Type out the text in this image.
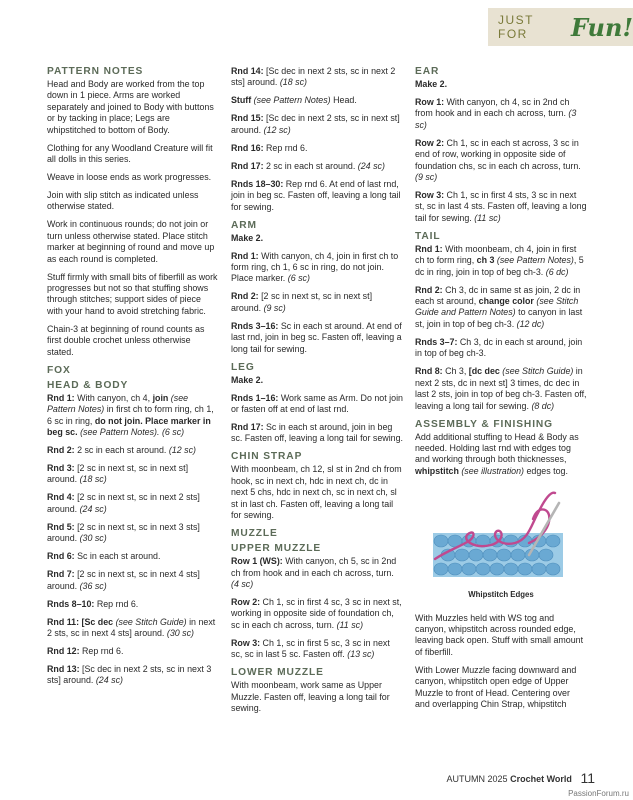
JUST FOR	Fun!
PATTERN NOTES

Head and Body are worked from the top down in 1 piece. Arms are worked separately and joined to Body with buttons or by tacking in place; Legs are whipstitched to bottom of Body.

Clothing for any Woodland Creature will fit all dolls in this series.

Weave in loose ends as work progresses.

Join with slip stitch as indicated unless otherwise stated.

Work in continuous rounds; do not join or turn unless otherwise stated. Place stitch marker at beginning of round and move up as each round is completed.

Stuff firmly with small bits of fiberfill as work progresses but not so that stuffing shows through stitches; support sides of piece with your hand to avoid stretching fabric.

Chain-3 at beginning of round counts as first double crochet unless otherwise stated.

FOX
HEAD & BODY

Rnd 1: With canyon, ch 4, join (see Pattern Notes) in first ch to form ring, ch 1, 6 sc in ring, do not join. Place marker in beg sc. (see Pattern Notes). (6 sc)

Rnd 2: 2 sc in each st around. (12 sc)

Rnd 3: [2 sc in next st, sc in next st] around. (18 sc)

Rnd 4: [2 sc in next st, sc in next 2 sts] around. (24 sc)

Rnd 5: [2 sc in next st, sc in next 3 sts] around. (30 sc)

Rnd 6: Sc in each st around.

Rnd 7: [2 sc in next st, sc in next 4 sts] around. (36 sc)

Rnds 8–10: Rep rnd 6.

Rnd 11: [Sc dec (see Stitch Guide) in next 2 sts, sc in next 4 sts] around. (30 sc)

Rnd 12: Rep rnd 6.

Rnd 13: [Sc dec in next 2 sts, sc in next 3 sts] around. (24 sc)

Rnd 14: [Sc dec in next 2 sts, sc in next 2 sts] around. (18 sc)

Stuff (see Pattern Notes) Head.

Rnd 15: [Sc dec in next 2 sts, sc in next st] around. (12 sc)

Rnd 16: Rep rnd 6.

Rnd 17: 2 sc in each st around. (24 sc)

Rnds 18–30: Rep rnd 6. At end of last rnd, join in beg sc. Fasten off, leaving a long tail for sewing.

ARM

Make 2.

Rnd 1: With canyon, ch 4, join in first ch to form ring, ch 1, 6 sc in ring, do not join. Place marker. (6 sc)

Rnd 2: [2 sc in next st, sc in next st] around. (9 sc)

Rnds 3–16: Sc in each st around. At end of last rnd, join in beg sc. Fasten off, leaving a long tail for sewing.

LEG

Make 2.

Rnds 1–16: Work same as Arm. Do not join or fasten off at end of last rnd.

Rnd 17: Sc in each st around, join in beg sc. Fasten off, leaving a long tail for sewing.

CHIN STRAP

With moonbeam, ch 12, sl st in 2nd ch from hook, sc in next ch, hdc in next ch, dc in next 5 chs, hdc in next ch, sc in next ch, sl st in last ch. Fasten off, leaving a long tail for sewing.

MUZZLE
UPPER MUZZLE

Row 1 (WS): With canyon, ch 5, sc in 2nd ch from hook and in each ch across, turn. (4 sc)

Row 2: Ch 1, sc in first 4 sc, 3 sc in next st, working in opposite side of foundation ch, sc in each ch across, turn. (11 sc)

Row 3: Ch 1, sc in first 5 sc, 3 sc in next sc, sc in last 5 sc. Fasten off. (13 sc)

LOWER MUZZLE

With moonbeam, work same as Upper Muzzle. Fasten off, leaving a long tail for sewing.

EAR

Make 2.

Row 1: With canyon, ch 4, sc in 2nd ch from hook and in each ch across, turn. (3 sc)

Row 2: Ch 1, sc in each st across, 3 sc in end of row, working in opposite side of foundation chs, sc in each ch across, turn. (9 sc)

Row 3: Ch 1, sc in first 4 sts, 3 sc in next st, sc in last 4 sts. Fasten off, leaving a long tail for sewing. (11 sc)

TAIL

Rnd 1: With moonbeam, ch 4, join in first ch to form ring, ch 3 (see Pattern Notes), 5 dc in ring, join in top of beg ch-3. (6 dc)

Rnd 2: Ch 3, dc in same st as join, 2 dc in each st around, change color (see Stitch Guide and Pattern Notes) to canyon in last st, join in top of beg ch-3. (12 dc)

Rnds 3–7: Ch 3, dc in each st around, join in top of beg ch-3.

Rnd 8: Ch 3, [dc dec (see Stitch Guide) in next 2 sts, dc in next st] 3 times, dc dec in last 2 sts, join in top of beg ch-3. Fasten off, leaving a long tail for sewing. (8 dc)

ASSEMBLY & FINISHING

Add additional stuffing to Head & Body as needed. Holding last rnd with edges tog and working through both thicknesses, whipstitch (see illustration) edges tog.

Whipstitch Edges

With Muzzles held with WS tog and canyon, whipstitch across rounded edge, leaving back open. Stuff with small amount of fiberfill.

With Lower Muzzle facing downward and canyon, whipstitch open edge of Upper Muzzle to front of Head. Centering over and overlapping Chin Strap, whipstitch

AUTUMN 2025 Crochet World 11
PassionForum.ru
